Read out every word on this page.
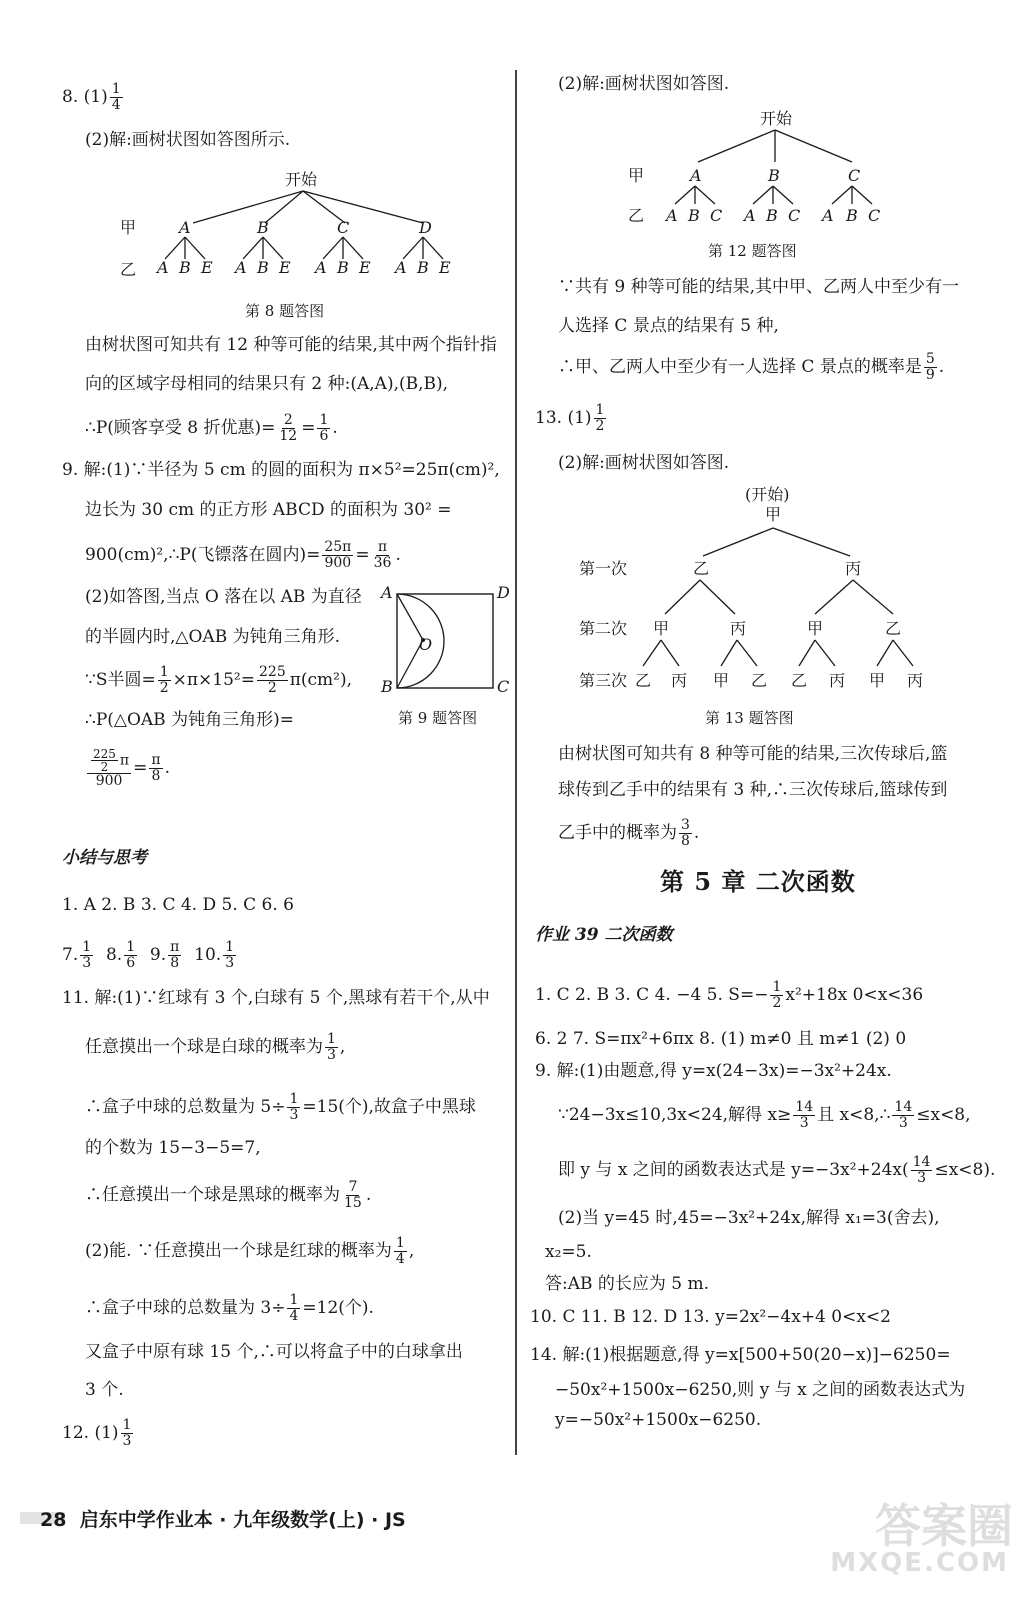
8. $(1) \frac{1}{4}$
(2)解:画树状图如答图所示.
开始
甲
乙
A	B	C	D
A B E A B E A B E A B E
第 8 题答图
由树状图可知共有 12 种等可能的结果,其中两个指针指
向的区域字母相同的结果只有 2 种:(A,A),(B,B),
∴P(顾客享受 8 折优惠)= $\frac{2}{12} = \frac{1}{6}$ .
9. 解:(1)∵半径为 5 cm 的圆的面积为 π×5²=25π(cm)²,
边长为 30 cm 的正方形 ABCD 的面积为 30² =
900(cm)²,∴P(飞镖落在圆内)= $\frac{25\pi}{900} = \frac{\pi}{36}$ .
(2)如答图,当点 O 落在以 AB 为直径
的半圆内时,△OAB 为钝角三角形.
∵S半圆= $\frac{1}{2} \times\pi\times 15^2= \frac{225}{2} \pi(cm^2)$,
∴P(△OAB 为钝角三角形)=
$\frac{\frac{225}{2} \pi}{900} = \frac{\pi}{8}$ .
A	D
B	C
O
第 9 题答图
小结与思考
1. A 2. B 3. C 4. D 5. C 6. 6
7. $\frac{1}{3} 8$. $\frac{1}{6} 9$. $\frac{\pi}{8} 10$. $\frac{1}{3}$
11. 解:(1)∵红球有 3 个,白球有 5 个,黑球有若干个,从中
任意摸出一个球是白球的概率为 $\frac{1}{3}$ ,
∴盒子中球的总数量为 $5\div \frac{1}{3} =15$(个),故盒子中黑球
的个数为 15−3−5=7,
∴任意摸出一个球是黑球的概率为 $\frac{7}{15}$ .
(2)能. ∵任意摸出一个球是红球的概率为 $\frac{1}{4}$ ,
∴盒子中球的总数量为 $3\div \frac{1}{4} =12$(个).
又盒子中原有球 15 个,∴可以将盒子中的白球拿出
3 个.
12. $(1) \frac{1}{3}$
(2)解:画树状图如答图.
开始
甲
乙
A	B	C
A B C A B C A B C
第 12 题答图
∵共有 9 种等可能的结果,其中甲、乙两人中至少有一
人选择 C 景点的结果有 5 种,
∴甲、乙两人中至少有一人选择 C 景点的概率是 $\frac{5}{9}$ .
13. $(1) \frac{1}{2}$
(2)解:画树状图如答图.
(开始)
甲
第一次
第二次
第三次
乙	丙
甲	丙	甲	乙
乙 丙 甲 乙 乙 丙 甲 丙
第 13 题答图
由树状图可知共有 8 种等可能的结果,三次传球后,篮
球传到乙手中的结果有 3 种,∴三次传球后,篮球传到
乙手中的概率为 $\frac{3}{8}$ .
第 5 章 二次函数
作业 39 二次函数
1. C 2. B 3. C 4. −4 5. $S=- \frac{1}{2} x^2+18x$ 0<x<36
6. 2 7. S=πx²+6πx 8. (1) m≠0 且 m≠1 (2) 0
9. 解:(1)由题意,得 y=x(24−3x)=−3x²+24x.
∵24−3x≤10,3x<24,解得 $x\ge \frac{14}{3}$ 且 x<8,∴ $\frac{14}{3} \le x<8$,
即 y 与 x 之间的函数表达式是 $y=-3x^2+24x( \frac{14}{3} \le x<8)$.
(2)当 y=45 时,45=−3x²+24x,解得 x₁=3(舍去),
x₂=5.
答:AB 的长应为 5 m.
10. C 11. B 12. D 13. y=2x²−4x+4 0<x<2
14. 解:(1)根据题意,得 y=x[500+50(20−x)]−6250=
−50x²+1500x−6250,则 y 与 x 之间的函数表达式为
y=−50x²+1500x−6250.
28 启东中学作业本 · 九年级数学(上) · JS	答案圈
MXQE.COM
